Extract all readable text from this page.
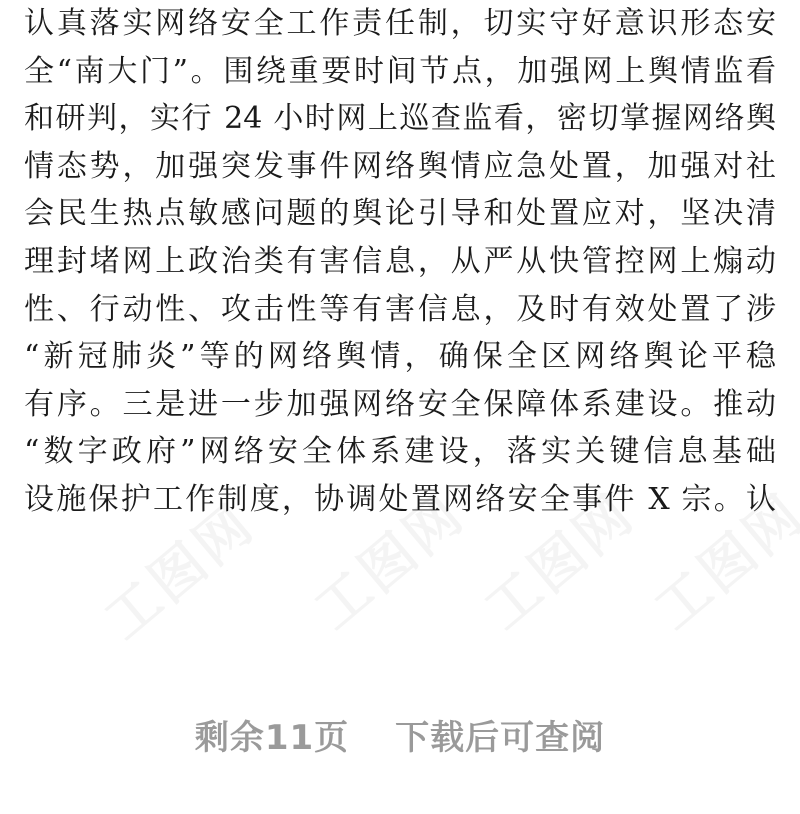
认真落实网络安全工作责任制，切实守好意识形态安
全“南大门”。围绕重要时间节点，加强网上舆情监看
和研判，实行 24 小时网上巡查监看，密切掌握网络舆
情态势，加强突发事件网络舆情应急处置，加强对社
会民生热点敏感问题的舆论引导和处置应对，坚决清
理封堵网上政治类有害信息，从严从快管控网上煽动
性、行动性、攻击性等有害信息，及时有效处置了涉
“新冠肺炎”等的网络舆情，确保全区网络舆论平稳
有序。三是进一步加强网络安全保障体系建设。推动
“数字政府”网络安全体系建设，落实关键信息基础
设施保护工作制度，协调处置网络安全事件 X 宗。认
剩余11页 下载后可查阅
